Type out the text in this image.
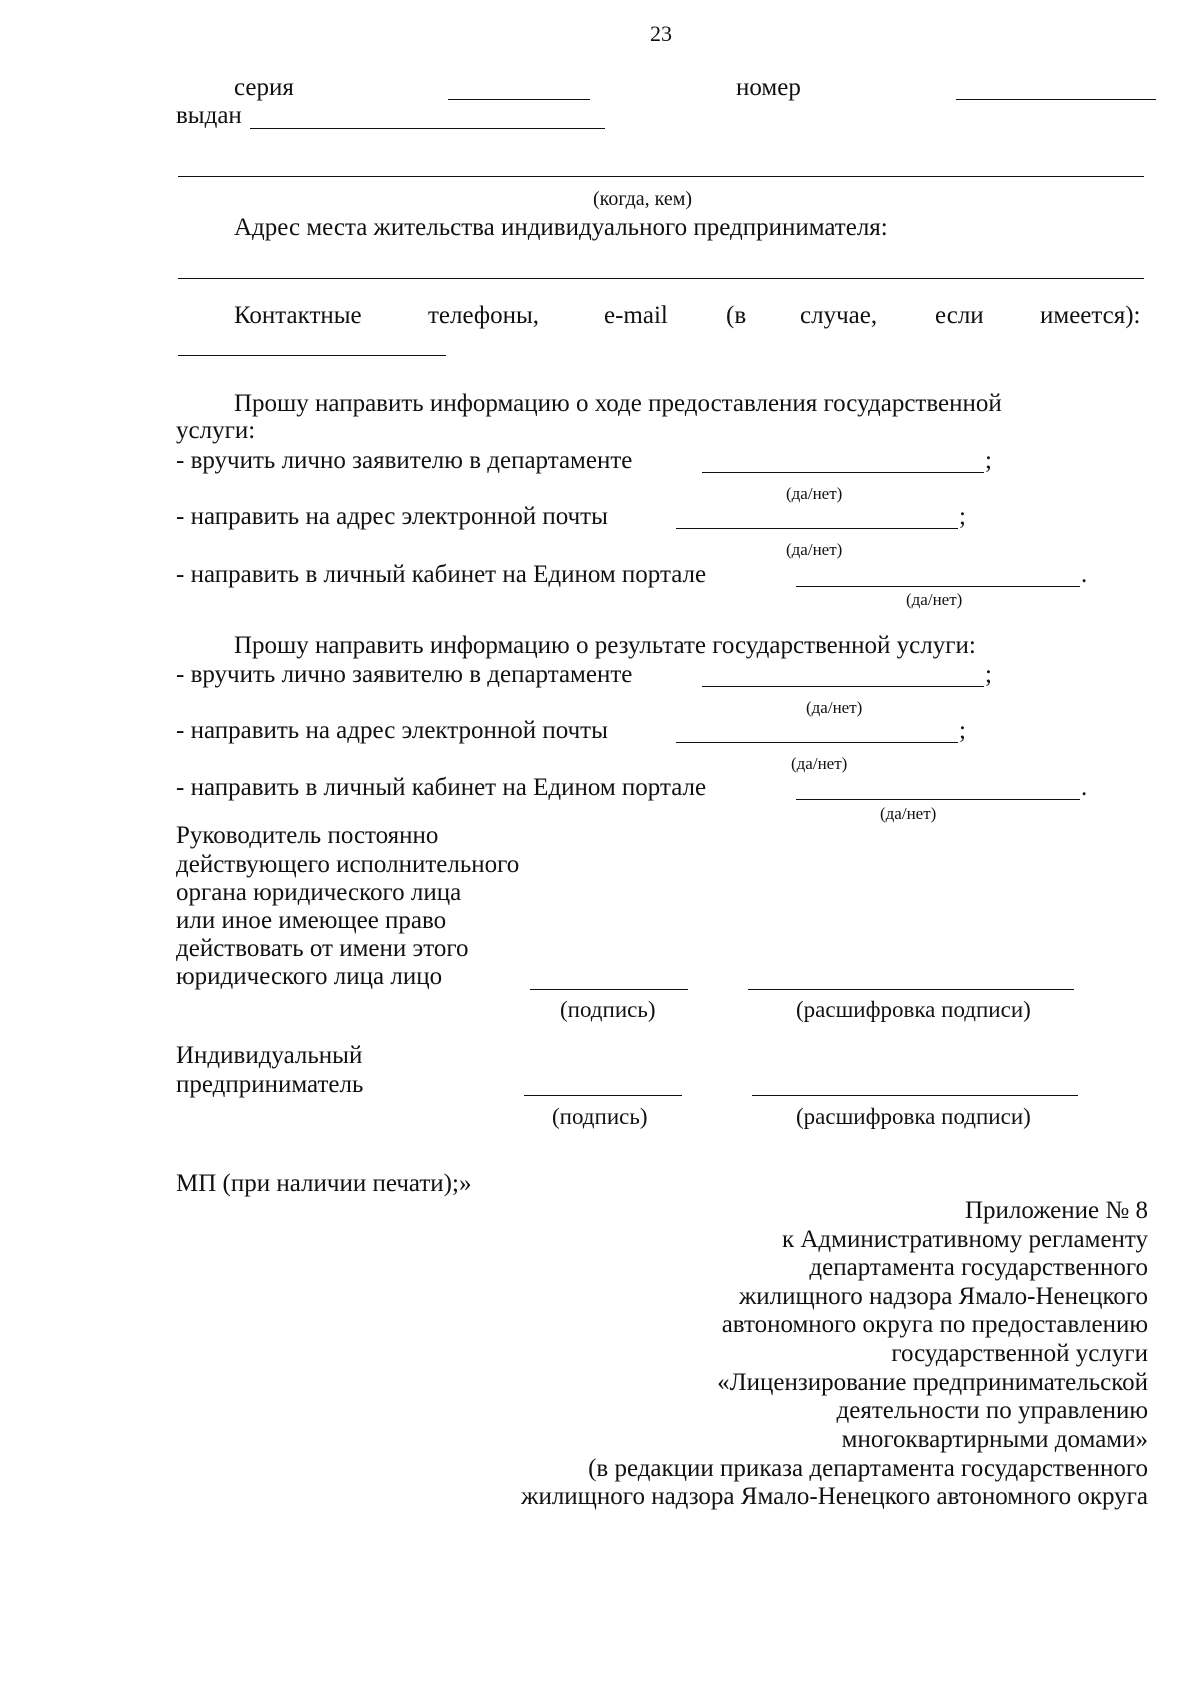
23
серия	номер
выдан
(когда, кем)
Адрес места жительства индивидуального предпринимателя:
Контактные	телефоны,	e-mail (в случае, если имеется):
Прошу направить информацию о ходе предоставления государственной
услуги:
- вручить лично заявителю в департаменте	;
(да/нет)
- направить на адрес электронной почты	;
(да/нет)
- направить в личный кабинет на Едином портале	.
(да/нет)
Прошу направить информацию о результате государственной услуги:
- вручить лично заявителю в департаменте	;
(да/нет)
- направить на адрес электронной почты	;
(да/нет)
- направить в личный кабинет на Едином портале	.
(да/нет)
Руководитель постоянно
действующего исполнительного
органа юридического лица
или иное имеющее право
действовать от имени этого
юридического лица лицо
(подпись)	(расшифровка подписи)
Индивидуальный
предприниматель
(подпись)	(расшифровка подписи)
МП (при наличии печати);»
Приложение № 8
к Административному регламенту
департамента государственного
жилищного надзора Ямало-Ненецкого
автономного округа по предоставлению
государственной услуги
«Лицензирование предпринимательской
деятельности по управлению
многоквартирными домами»
(в редакции приказа департамента государственного
жилищного надзора Ямало-Ненецкого автономного округа
